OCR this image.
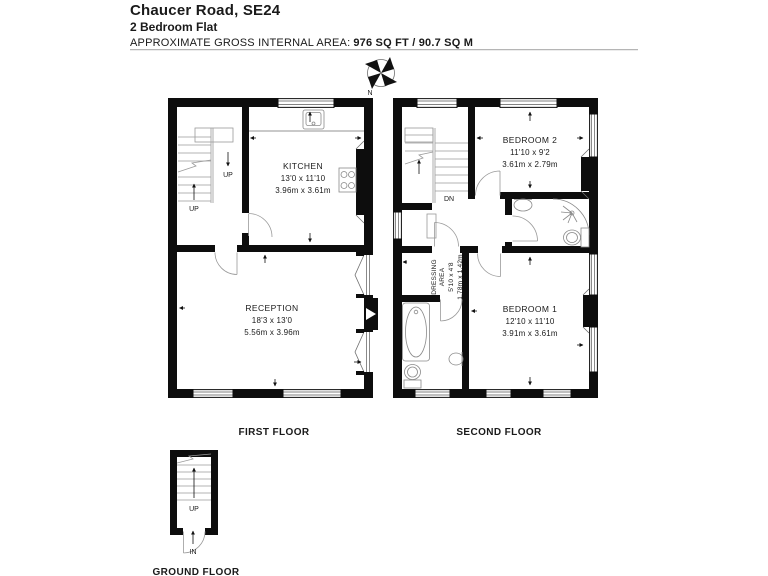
Chaucer Road, SE24
2 Bedroom Flat
APPROXIMATE GROSS INTERNAL AREA: 976 SQ FT / 90.7 SQ M
N
UP
UP
KITCHEN
13'0 x 11'10
3.96m x 3.61m
RECEPTION
18'3 x 13'0
5.56m x 3.96m
FIRST FLOOR
DN
BEDROOM 2
11'10 x 9'2
3.61m x 2.79m
BEDROOM 1
12'10 x 11'10
3.91m x 3.61m
DRESSING AREA 5'10 x 4'8 1.78m x 1.42m
SECOND FLOOR
UP
IN
GROUND FLOOR
